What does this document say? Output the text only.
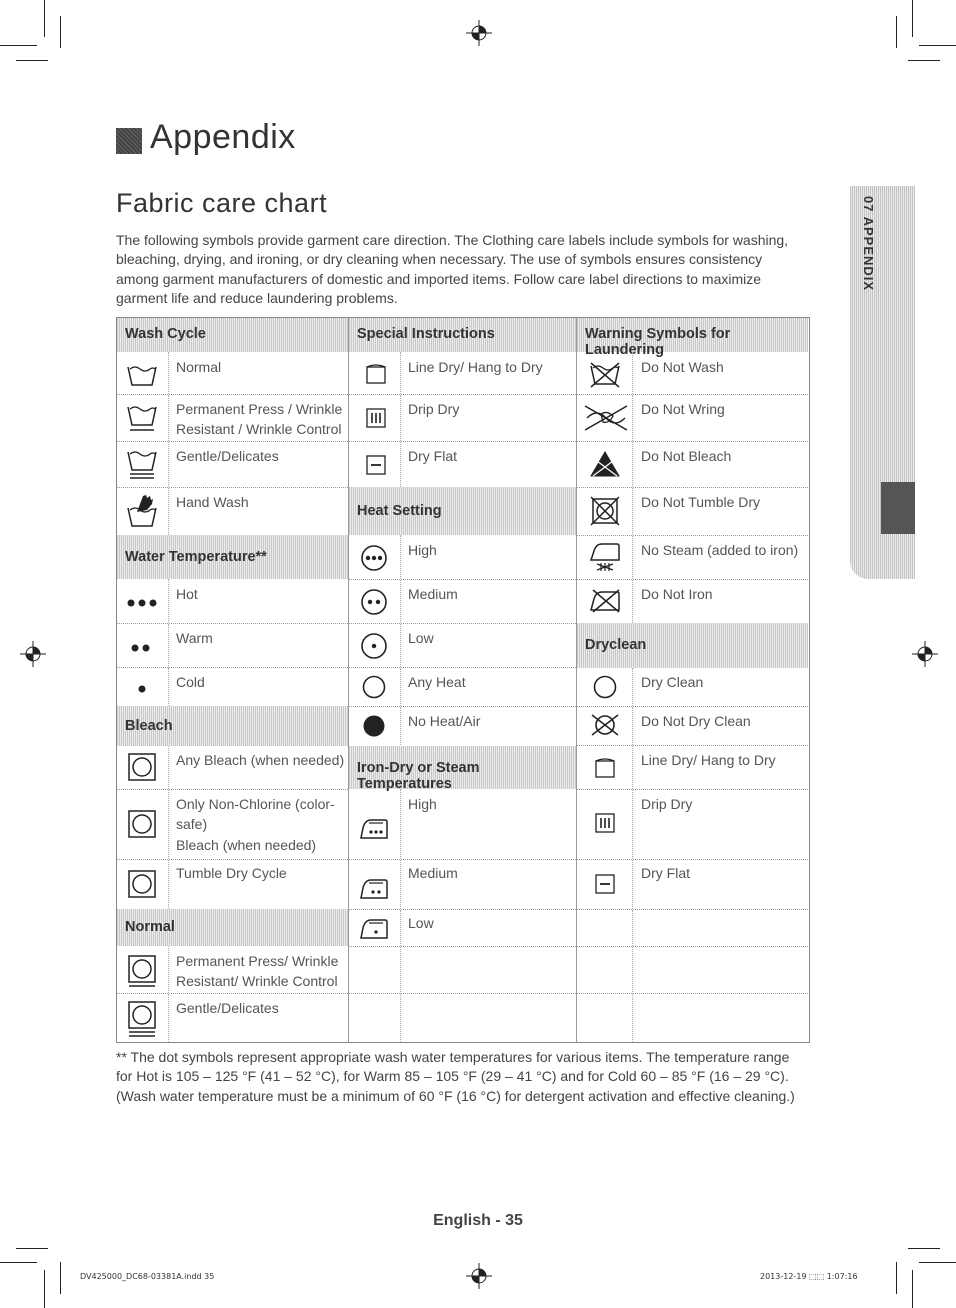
07 APPENDIX
Appendix
Fabric care chart
The following symbols provide garment care direction. The Clothing care labels include symbols for washing, bleaching, drying, and ironing, or dry cleaning when necessary. The use of symbols ensures consistency among garment manufacturers of domestic and imported items. Follow care label directions to maximize garment life and reduce laundering problems.
Wash Cycle
Normal
Permanent Press / Wrinkle Resistant / Wrinkle Control
Gentle/Delicates
Hand Wash
Water Temperature**
Hot
Warm
Cold
Bleach
Any Bleach (when needed)
Only Non-Chlorine (color-safe)
Bleach (when needed)
Tumble Dry Cycle
Normal
Permanent Press/ Wrinkle Resistant/ Wrinkle Control
Gentle/Delicates
Special Instructions
Line Dry/ Hang to Dry
Drip Dry
Dry Flat
Heat Setting
High
Medium
Low
Any Heat
No Heat/Air
Iron-Dry or Steam Temperatures
High
Medium
Low
Warning Symbols for Laundering
Do Not Wash
Do Not Wring
Do Not Bleach
Do Not Tumble Dry
No Steam (added to iron)
Do Not Iron
Dryclean
Dry Clean
Do Not Dry Clean
Line Dry/ Hang to Dry
Drip Dry
Dry Flat
** The dot symbols represent appropriate wash water temperatures for various items. The temperature range for Hot is 105 – 125 °F (41 – 52 °C), for Warm 85 – 105 °F (29 – 41 °C) and for Cold 60 – 85 °F (16 – 29 °C). (Wash water temperature must be a minimum of 60 °F (16 °C) for detergent activation and effective cleaning.)
English - 35
DV425000_DC68-03381A.indd 35	2013-12-19 ⬚⬚ 1:07:16
